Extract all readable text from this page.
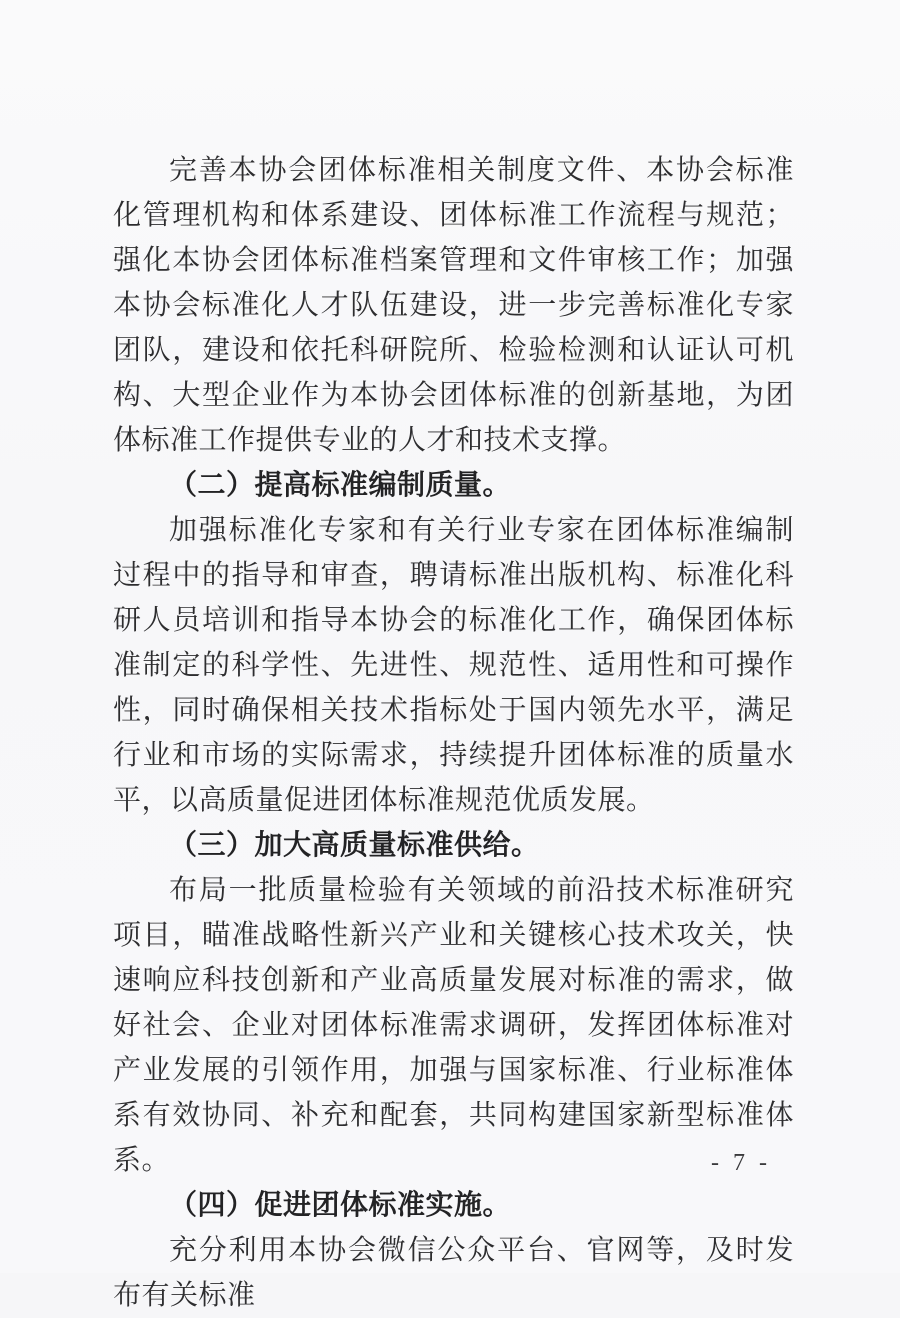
完善本协会团体标准相关制度文件、本协会标准化管理机构和体系建设、团体标准工作流程与规范；强化本协会团体标准档案管理和文件审核工作；加强本协会标准化人才队伍建设，进一步完善标准化专家团队，建设和依托科研院所、检验检测和认证认可机构、大型企业作为本协会团体标准的创新基地，为团体标准工作提供专业的人才和技术支撑。

（二）提高标准编制质量。

加强标准化专家和有关行业专家在团体标准编制过程中的指导和审查，聘请标准出版机构、标准化科研人员培训和指导本协会的标准化工作，确保团体标准制定的科学性、先进性、规范性、适用性和可操作性，同时确保相关技术指标处于国内领先水平，满足行业和市场的实际需求，持续提升团体标准的质量水平，以高质量促进团体标准规范优质发展。

（三）加大高质量标准供给。

布局一批质量检验有关领域的前沿技术标准研究项目，瞄准战略性新兴产业和关键核心技术攻关，快速响应科技创新和产业高质量发展对标准的需求，做好社会、企业对团体标准需求调研，发挥团体标准对产业发展的引领作用，加强与国家标准、行业标准体系有效协同、补充和配套，共同构建国家新型标准体系。

（四）促进团体标准实施。

充分利用本协会微信公众平台、官网等，及时发布有关标准

- 7 -
